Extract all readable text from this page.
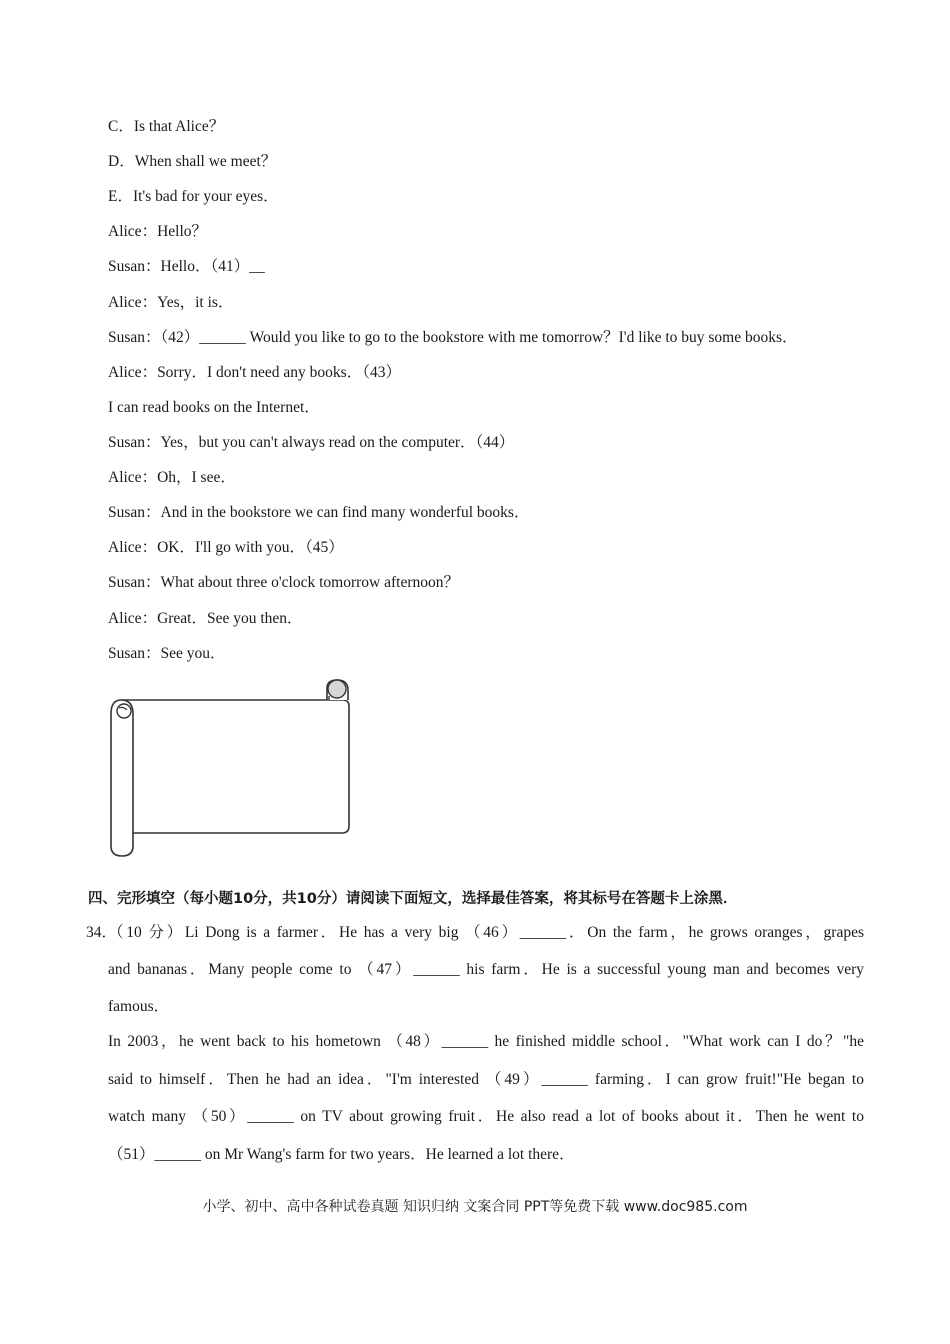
C．Is that Alice？
D．When shall we meet？
E．It's bad for your eyes．
Alice：Hello？
Susan：Hello．（41）__
Alice：Yes，it is．
Susan：（42）______ Would you like to go to the bookstore with me tomorrow？I'd like to buy some books．
Alice：Sorry．I don't need any books．（43）
I can read books on the Internet．
Susan：Yes，but you can't always read on the computer．（44）
Alice：Oh，I see．
Susan：And in the bookstore we can find many wonderful books．
Alice：OK．I'll go with you．（45）
Susan：What about three o'clock tomorrow afternoon？
Alice：Great．See you then．
Susan：See you．
四、完形填空（每小题10分，共10分）请阅读下面短文，选择最佳答案，将其标号在答题卡上涂黑．
34．
（10 分）Li Dong is a farmer．He has a very big （46）______．On the farm，he grows oranges，grapes
and bananas．Many people come to （47）______ his farm．He is a successful young man and becomes very
famous．
In 2003，he went back to his hometown （48）______ he finished middle school．"What work can I do？"he
said to himself．Then he had an idea．"I'm interested （49）______ farming．I can grow fruit!"He began to
watch many （50）______ on TV about growing fruit．He also read a lot of books about it．Then he went to
（51）______ on Mr Wang's farm for two years．He learned a lot there．
小学、初中、高中各种试卷真题 知识归纳 文案合同 PPT等免费下载 www.doc985.com
